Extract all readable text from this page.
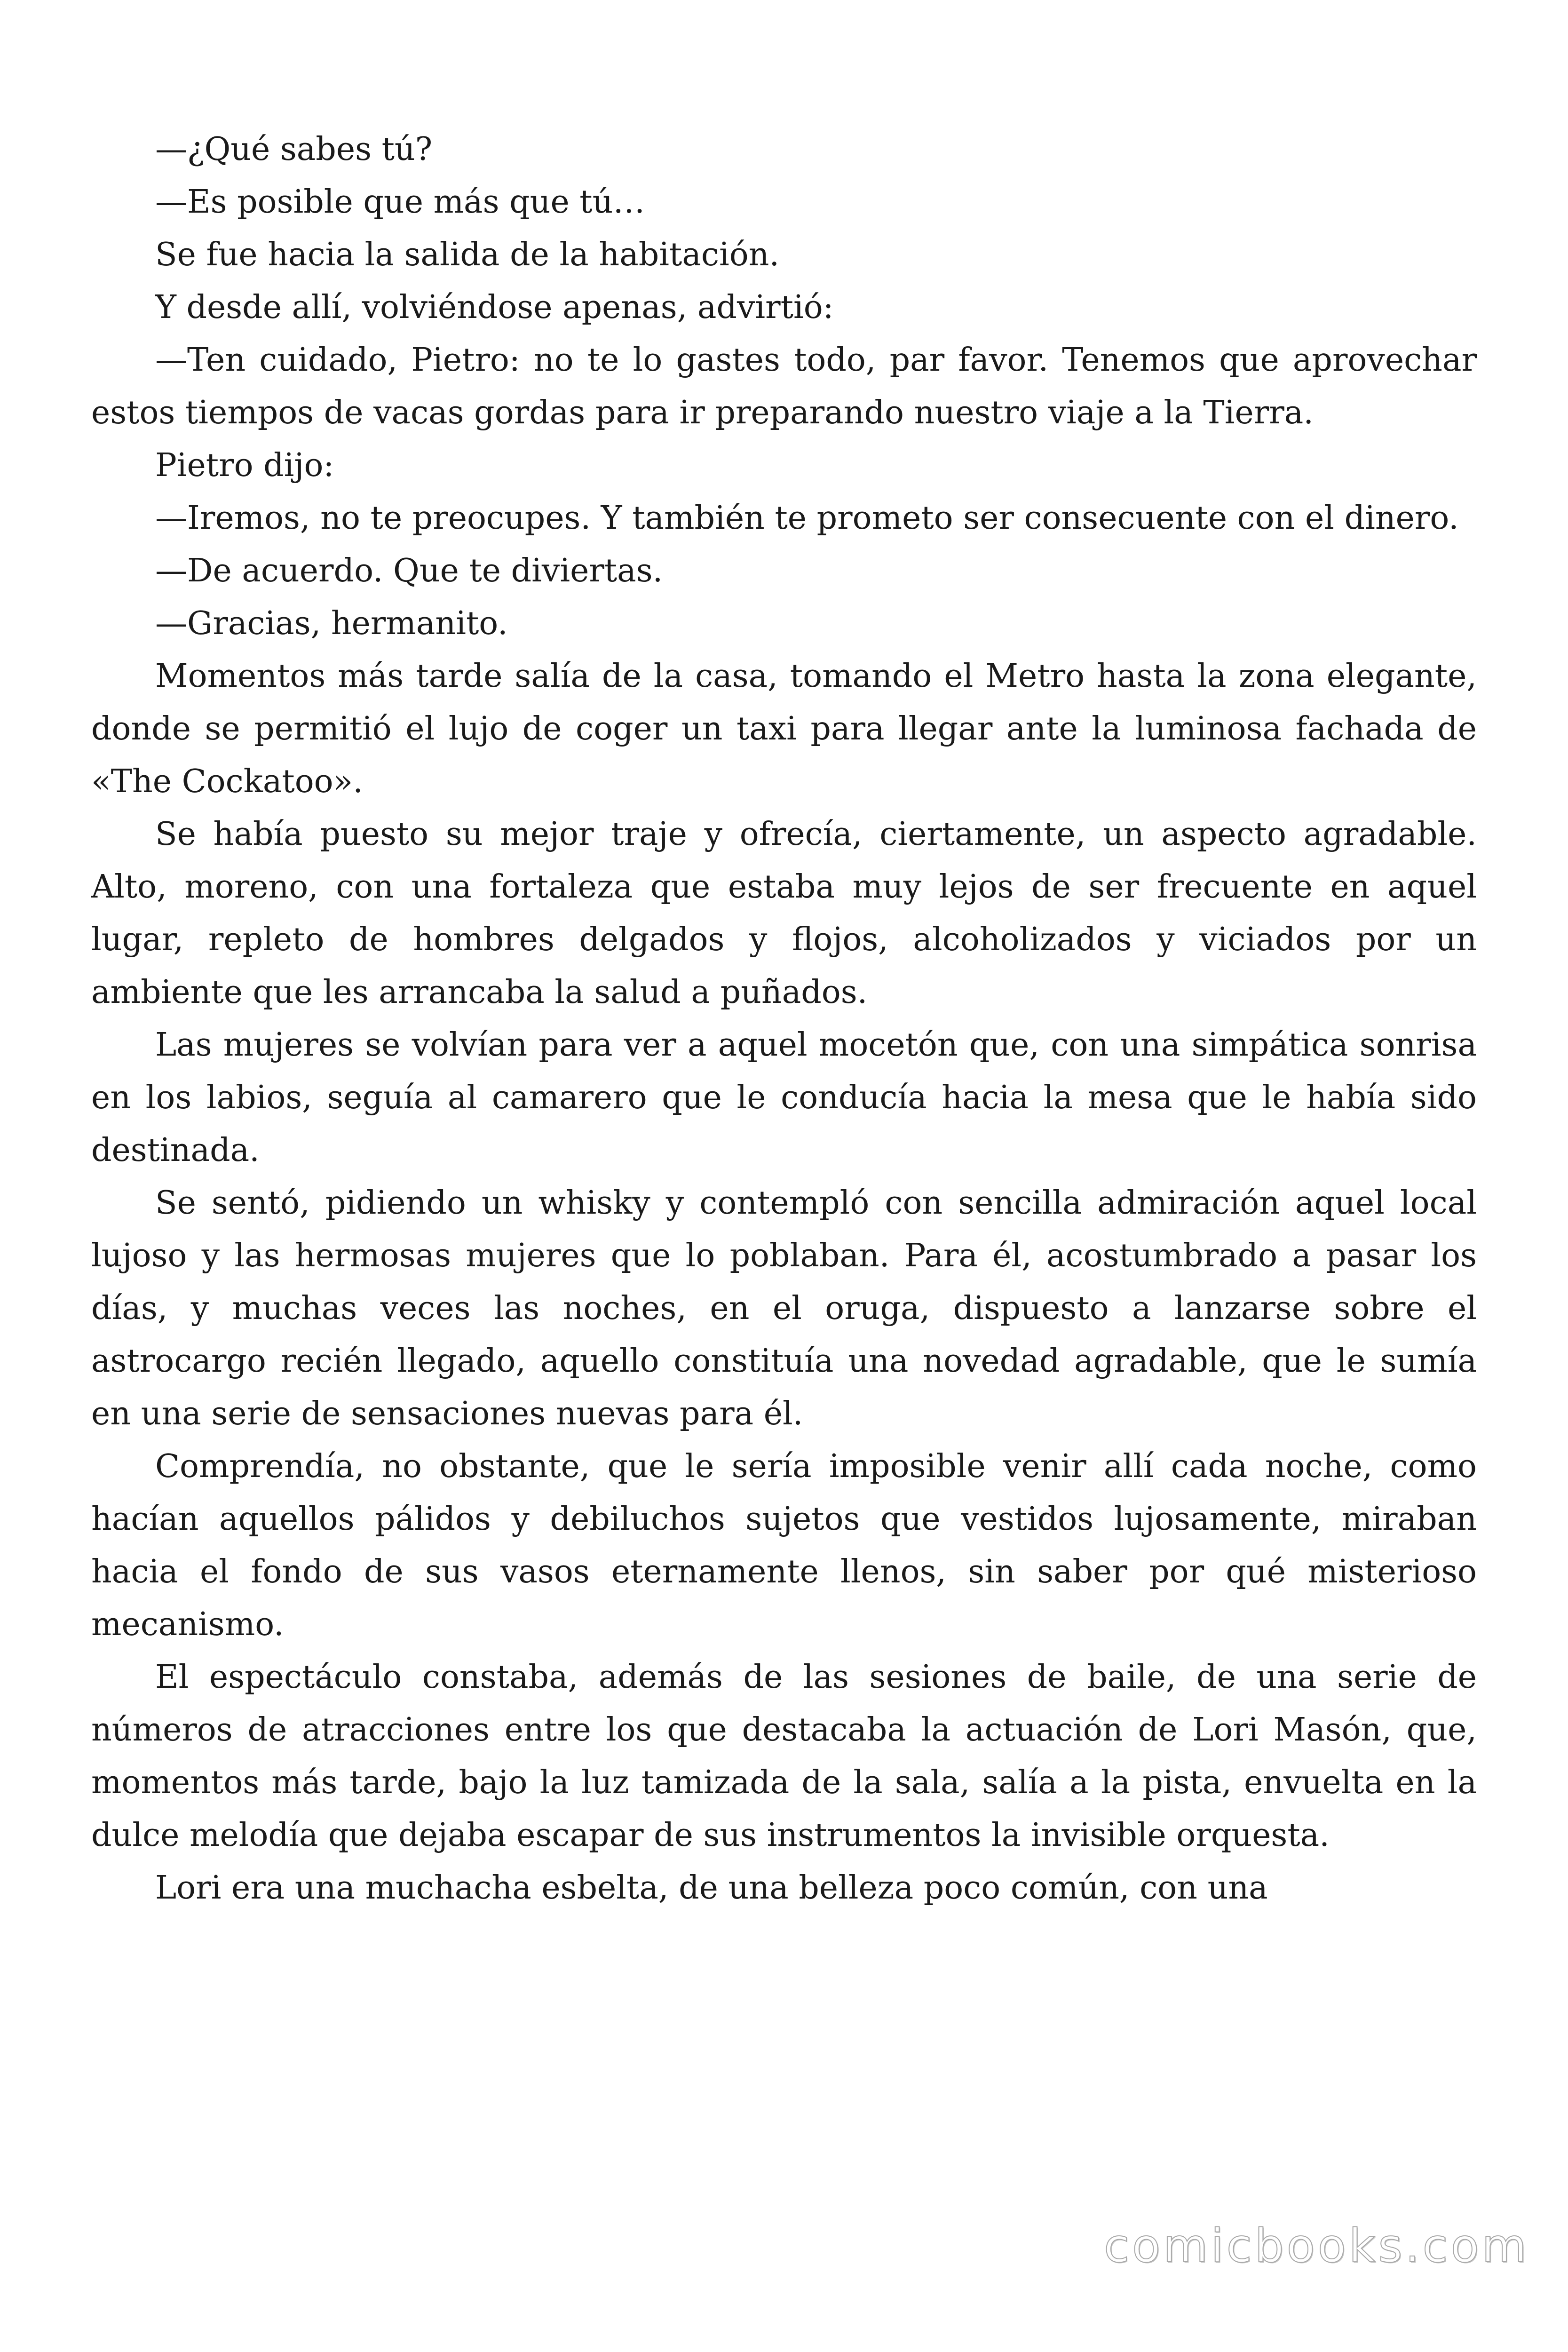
—¿Qué sabes tú?

—Es posible que más que tú…

Se fue hacia la salida de la habitación.

Y desde allí, volviéndose apenas, advirtió:

—Ten cuidado, Pietro: no te lo gastes todo, par favor. Tenemos que aprovechar estos tiempos de vacas gordas para ir preparando nuestro viaje a la Tierra.

Pietro dijo:

—Iremos, no te preocupes. Y también te prometo ser consecuente con el dinero.

—De acuerdo. Que te diviertas.

—Gracias, hermanito.

Momentos más tarde salía de la casa, tomando el Metro hasta la zona elegante, donde se permitió el lujo de coger un taxi para llegar ante la luminosa fachada de «The Cockatoo».

Se había puesto su mejor traje y ofrecía, ciertamente, un aspecto agradable. Alto, moreno, con una fortaleza que estaba muy lejos de ser frecuente en aquel lugar, repleto de hombres delgados y flojos, alcoholizados y viciados por un ambiente que les arrancaba la salud a puñados.

Las mujeres se volvían para ver a aquel mocetón que, con una simpática sonrisa en los labios, seguía al camarero que le conducía hacia la mesa que le había sido destinada.

Se sentó, pidiendo un whisky y contempló con sencilla admiración aquel local lujoso y las hermosas mujeres que lo poblaban. Para él, acostumbrado a pasar los días, y muchas veces las noches, en el oruga, dispuesto a lanzarse sobre el astrocargo recién llegado, aquello constituía una novedad agradable, que le sumía en una serie de sensaciones nuevas para él.

Comprendía, no obstante, que le sería imposible venir allí cada noche, como hacían aquellos pálidos y debiluchos sujetos que vestidos lujosamente, miraban hacia el fondo de sus vasos eternamente llenos, sin saber por qué misterioso mecanismo.

El espectáculo constaba, además de las sesiones de baile, de una serie de números de atracciones entre los que destacaba la actuación de Lori Masón, que, momentos más tarde, bajo la luz tamizada de la sala, salía a la pista, envuelta en la dulce melodía que dejaba escapar de sus instrumentos la invisible orquesta.

Lori era una muchacha esbelta, de una belleza poco común, con una

comicbooks.com
